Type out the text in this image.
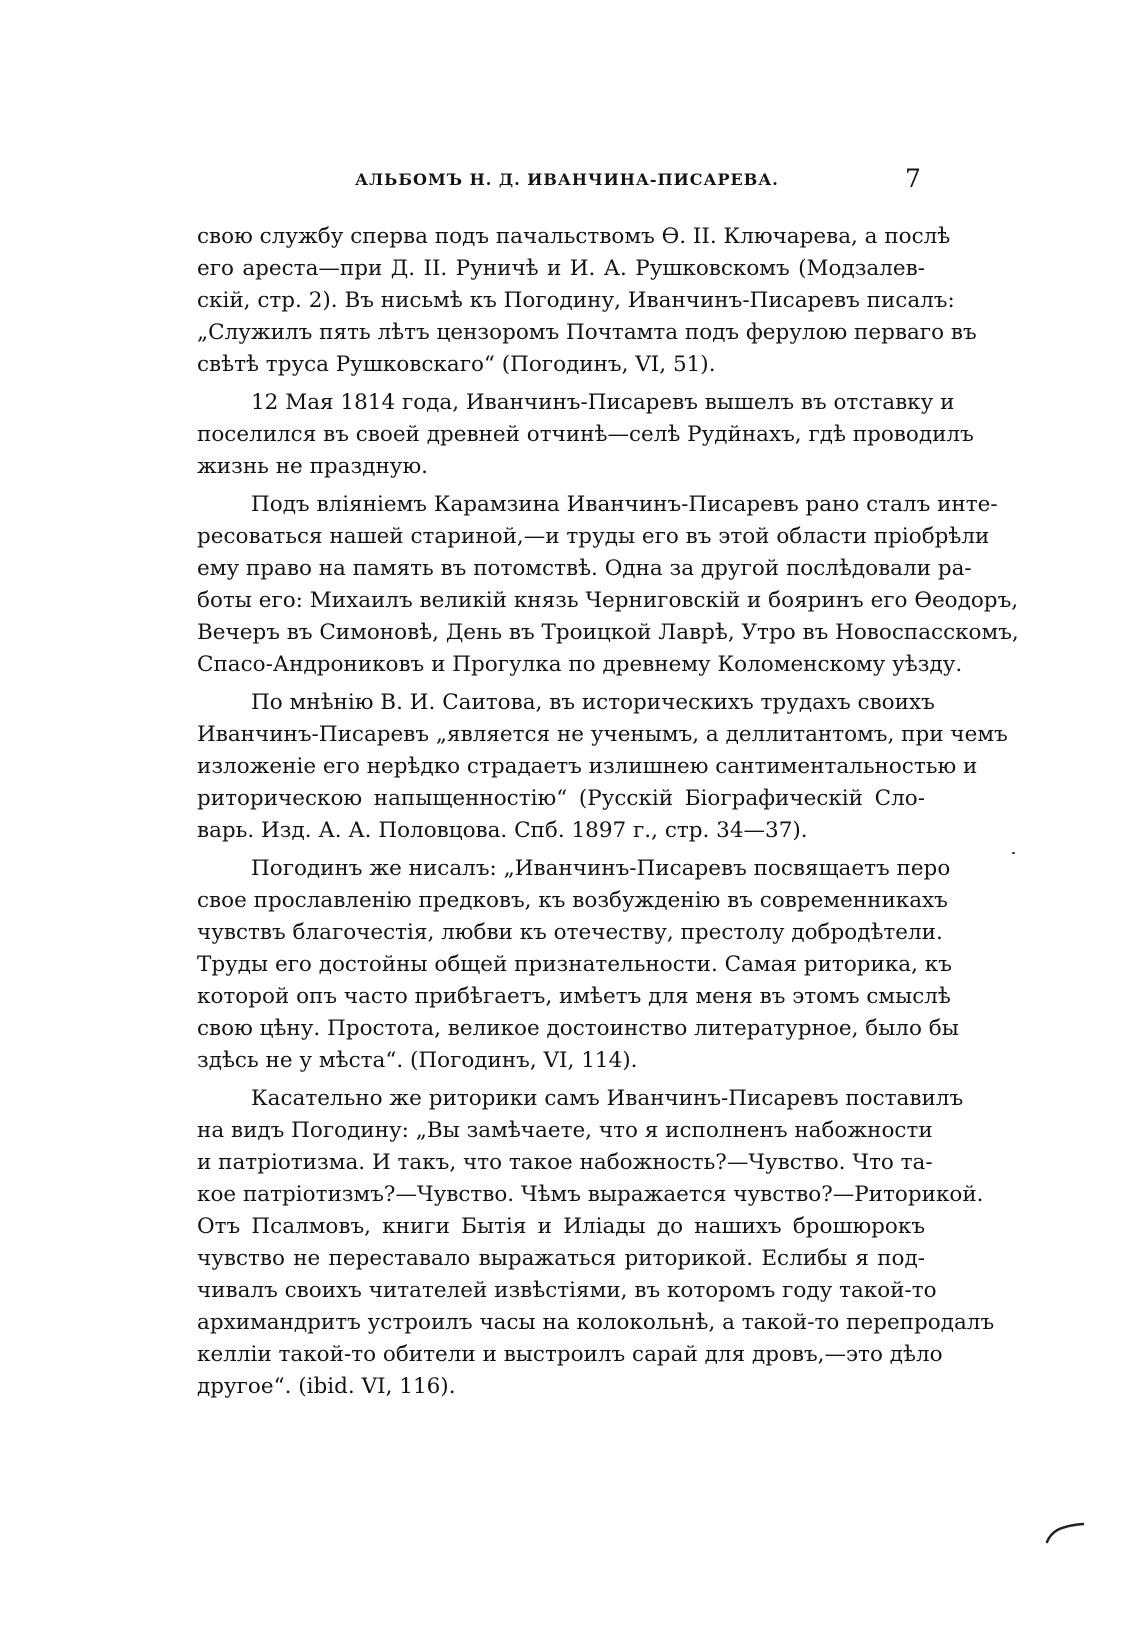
АЛЬБОМЪ Н. Д. ИВАНЧИНА-ПИСАРЕВА.	7
свою службу сперва подъ пачальствомъ Ѳ. II. Ключарева, а послѣ
его ареста—при Д. II. Руничѣ и И. А. Рушковскомъ (Модзалев-
скій, стр. 2). Въ нисьмѣ къ Погодину, Иванчинъ-Писаревъ писалъ:
„Служилъ пять лѣтъ цензоромъ Почтамта подъ ферулою перваго въ
свѣтѣ труса Рушковскаго“ (Погодинъ, VI, 51).
12 Мая 1814 года, Иванчинъ-Писаревъ вышелъ въ отставку и
поселился въ своей древней отчинѣ—селѣ Рудйнахъ, гдѣ проводилъ
жизнь не праздную.
Подъ вліяніемъ Карамзина Иванчинъ-Писаревъ рано сталъ инте-
ресоваться нашей стариной,—и труды его въ этой области пріобрѣли
ему право на память въ потомствѣ. Одна за другой послѣдовали ра-
боты его: Михаилъ великій князь Черниговскій и бояринъ его Ѳеодоръ,
Вечеръ въ Симоновѣ, День въ Троицкой Лаврѣ, Утро въ Новоспасскомъ,
Спасо-Андрониковъ и Прогулка по древнему Коломенскому уѣзду.
По мнѣнію В. И. Саитова, въ историческихъ трудахъ своихъ
Иванчинъ-Писаревъ „является не ученымъ, а деллитантомъ, при чемъ
изложеніе его нерѣдко страдаетъ излишнею сантиментальностью и
риторическою напыщенностію“ (Русскій Біографическій Сло-
варь. Изд. А. А. Половцова. Спб. 1897 г., стр. 34—37).
Погодинъ же нисалъ: „Иванчинъ-Писаревъ посвящаетъ перо
свое прославленію предковъ, къ возбужденію въ современникахъ
чувствъ благочестія, любви къ отечеству, престолу добродѣтели.
Труды его достойны общей признательности. Самая риторика, къ
которой опъ часто прибѣгаетъ, имѣетъ для меня въ этомъ смыслѣ
свою цѣну. Простота, великое достоинство литературное, было бы
здѣсь не у мѣста“. (Погодинъ, VI, 114).
Касательно же риторики самъ Иванчинъ-Писаревъ поставилъ
на видъ Погодину: „Вы замѣчаете, что я исполненъ набожности
и патріотизма. И такъ, что такое набожность?—Чувство. Что та-
кое патріотизмъ?—Чувство. Чѣмъ выражается чувство?—Риторикой.
Отъ Псалмовъ, книги Бытія и Иліады до нашихъ брошюрокъ
чувство не переставало выражаться риторикой. Еслибы я под-
чивалъ своихъ читателей извѣстіями, въ которомъ году такой-то
архимандритъ устроилъ часы на колокольнѣ, а такой-то перепродалъ
келліи такой-то обители и выстроилъ сарай для дровъ,—это дѣло
другое“. (ibid. VI, 116).
